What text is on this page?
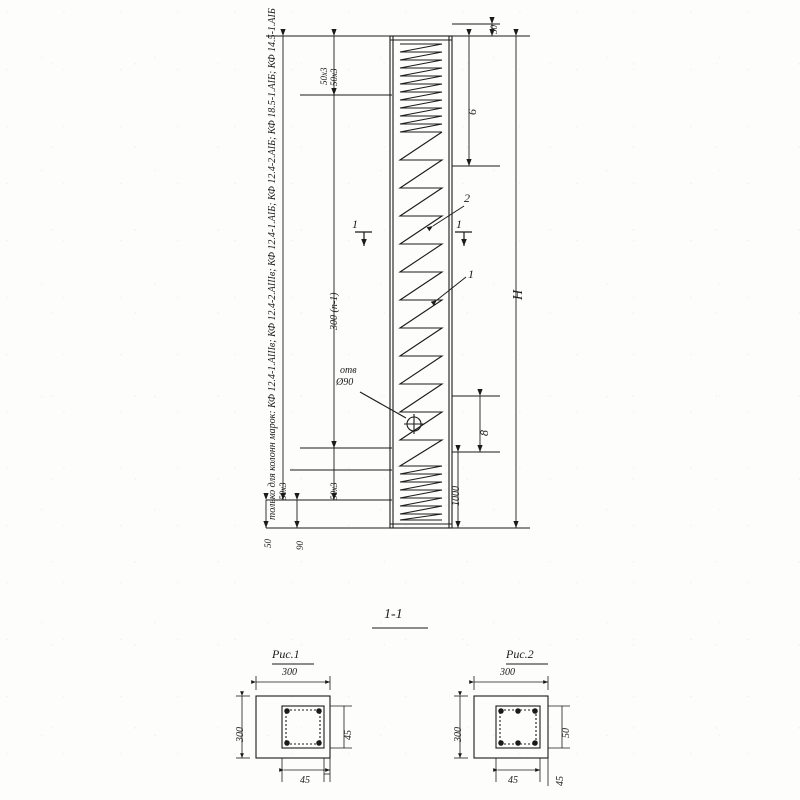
только для колонн марок: КФ 12.4-1.АIIIв; КФ 12.4-2.АIIIв; КФ 12.4-1.АIБ; КФ 12.4-2.АIБ; КФ 18.5-1.АIБ; КФ 14.5-1.АIБ	300 (п-1)
50х3
50х3
50х3
50х3
50 90
6
8
1000
H
50
1	1
1
2
отв
Ø90
1-1
Рис.1
300
300	45
45
Рис.2
300
300	50
45	45
